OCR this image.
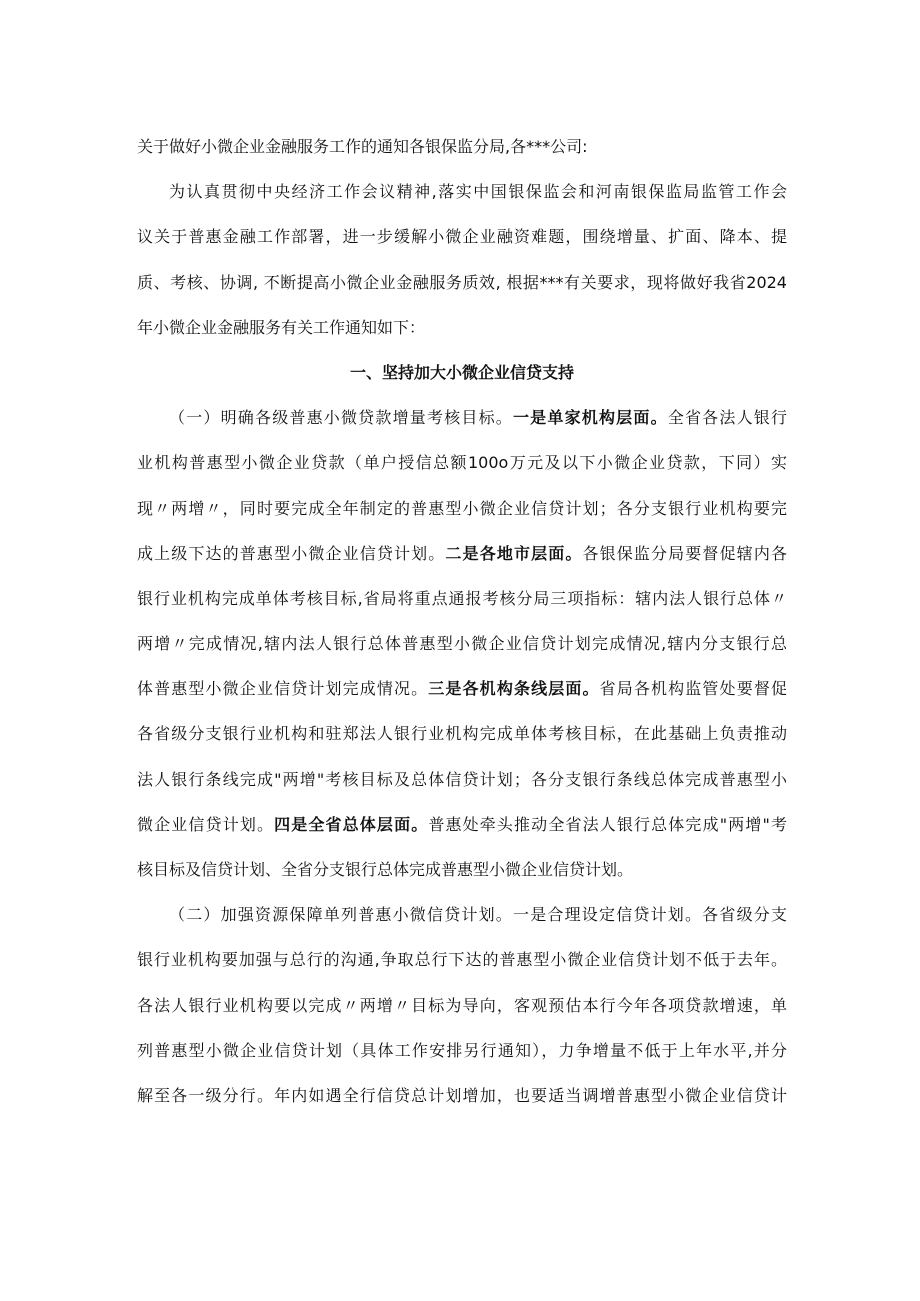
关于做好小微企业金融服务工作的通知各银保监分局,各***公司:
为认真贯彻中央经济工作会议精神,落实中国银保监会和河南银保监局监管工作会
议关于普惠金融工作部署，进一步缓解小微企业融资难题，围绕增量、扩面、降本、提
质、考核、协调, 不断提高小微企业金融服务质效, 根据***有关要求，现将做好我省2024
年小微企业金融服务有关工作通知如下：
一、坚持加大小微企业信贷支持
（一）明确各级普惠小微贷款增量考核目标。一是单家机构层面。全省各法人银行
业机构普惠型小微企业贷款（单户授信总额100o万元及以下小微企业贷款，下同）实
现〃两增〃，同时要完成全年制定的普惠型小微企业信贷计划；各分支银行业机构要完
成上级下达的普惠型小微企业信贷计划。二是各地市层面。各银保监分局要督促辖内各
银行业机构完成单体考核目标,省局将重点通报考核分局三项指标：辖内法人银行总体〃
两增〃完成情况,辖内法人银行总体普惠型小微企业信贷计划完成情况,辖内分支银行总
体普惠型小微企业信贷计划完成情况。三是各机构条线层面。省局各机构监管处要督促
各省级分支银行业机构和驻郑法人银行业机构完成单体考核目标，在此基础上负责推动
法人银行条线完成"两增"考核目标及总体信贷计划；各分支银行条线总体完成普惠型小
微企业信贷计划。四是全省总体层面。普惠处牵头推动全省法人银行总体完成"两增"考
核目标及信贷计划、全省分支银行总体完成普惠型小微企业信贷计划。
（二）加强资源保障单列普惠小微信贷计划。一是合理设定信贷计划。各省级分支
银行业机构要加强与总行的沟通,争取总行下达的普惠型小微企业信贷计划不低于去年。
各法人银行业机构要以完成〃两增〃目标为导向，客观预估本行今年各项贷款增速，单
列普惠型小微企业信贷计划（具体工作安排另行通知），力争增量不低于上年水平,并分
解至各一级分行。年内如遇全行信贷总计划增加，也要适当调增普惠型小微企业信贷计
